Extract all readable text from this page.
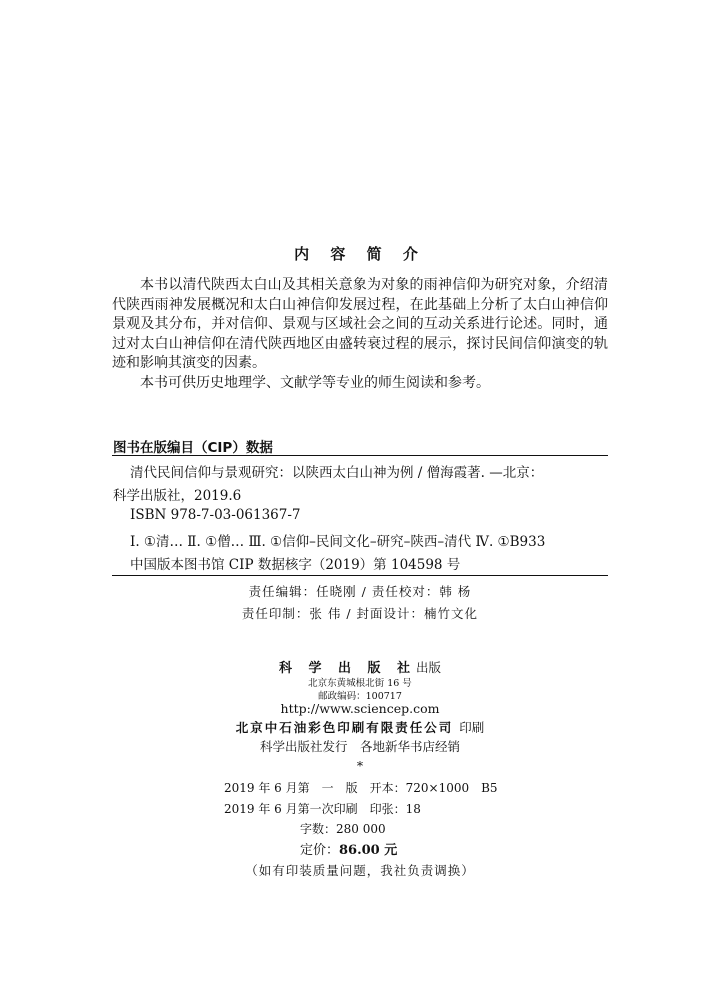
内 容 简 介

本书以清代陕西太白山及其相关意象为对象的雨神信仰为研究对象，介绍清代陕西雨神发展概况和太白山神信仰发展过程，在此基础上分析了太白山神信仰景观及其分布，并对信仰、景观与区域社会之间的互动关系进行论述。同时，通过对太白山神信仰在清代陕西地区由盛转衰过程的展示，探讨民间信仰演变的轨迹和影响其演变的因素。

本书可供历史地理学、文献学等专业的师生阅读和参考。

图书在版编目（CIP）数据
清代民间信仰与景观研究：以陕西太白山神为例 / 僧海霞著. —北京：
科学出版社，2019.6
ISBN 978-7-03-061367-7
Ⅰ. ①清… Ⅱ. ①僧… Ⅲ. ①信仰–民间文化–研究–陕西–清代 Ⅳ. ①B933
中国版本图书馆 CIP 数据核字（2019）第 104598 号
责任编辑：任晓刚 / 责任校对：韩 杨
责任印制：张 伟 / 封面设计：楠竹文化
科 学 出 版 社出版
北京东黄城根北街 16 号
邮政编码：100717
http://www.sciencep.com
北京中石油彩色印刷有限责任公司 印刷
科学出版社发行　各地新华书店经销
*
2019 年 6 月第　一　版　开本：720×1000　B5
2019 年 6 月第一次印刷　印张：18
字数：280 000
定价：86.00 元
（如有印装质量问题，我社负责调换）
